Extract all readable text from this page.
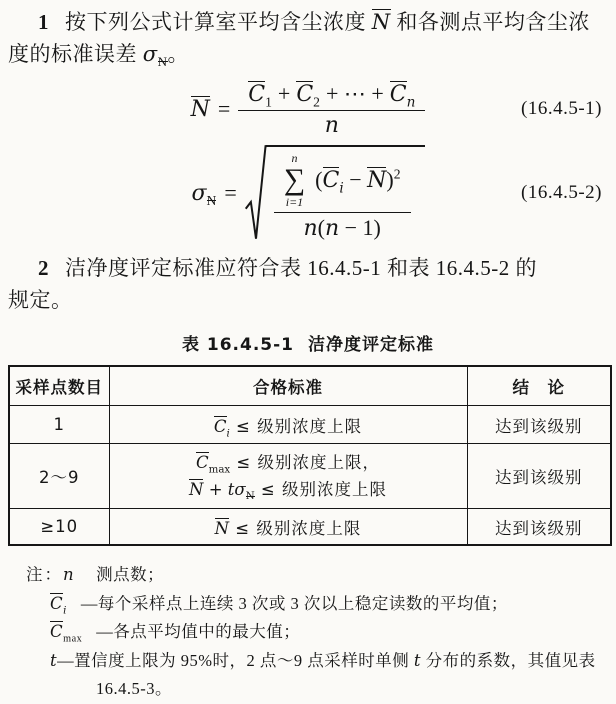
1 按下列公式计算室平均含尘浓度 N 和各测点平均含尘浓
度的标准误差 $\sigma_N$。
$N = \frac{C_1 + C_2 + \cdots + C_n}{n}$	(16.4.5-1)
$\sigma_N$ =
n
∑
i=1
$(C_i - N)^2$
n(n − 1)
(16.4.5-2)
2 洁净度评定标准应符合表 16.4.5-1 和表 16.4.5-2 的
规定。
表 16.4.5-1 洁净度评定标准
采样点数目	合格标准	结　论
1	$C_i$ ≤ 级别浓度上限	达到该级别
2～9	$C_{max}$ ≤ 级别浓度上限，
$N + t\sigma_N$ ≤ 级别浓度上限	达到该级别
≥10	N ≤ 级别浓度上限	达到该级别
注：n 测点数；
$C_i$ —每个采样点上连续 3 次或 3 次以上稳定读数的平均值；
$C_{max}$ —各点平均值中的最大值；
t—置信度上限为 95%时，2 点～9 点采样时单侧 t 分布的系数，其值见表
16.4.5-3。
